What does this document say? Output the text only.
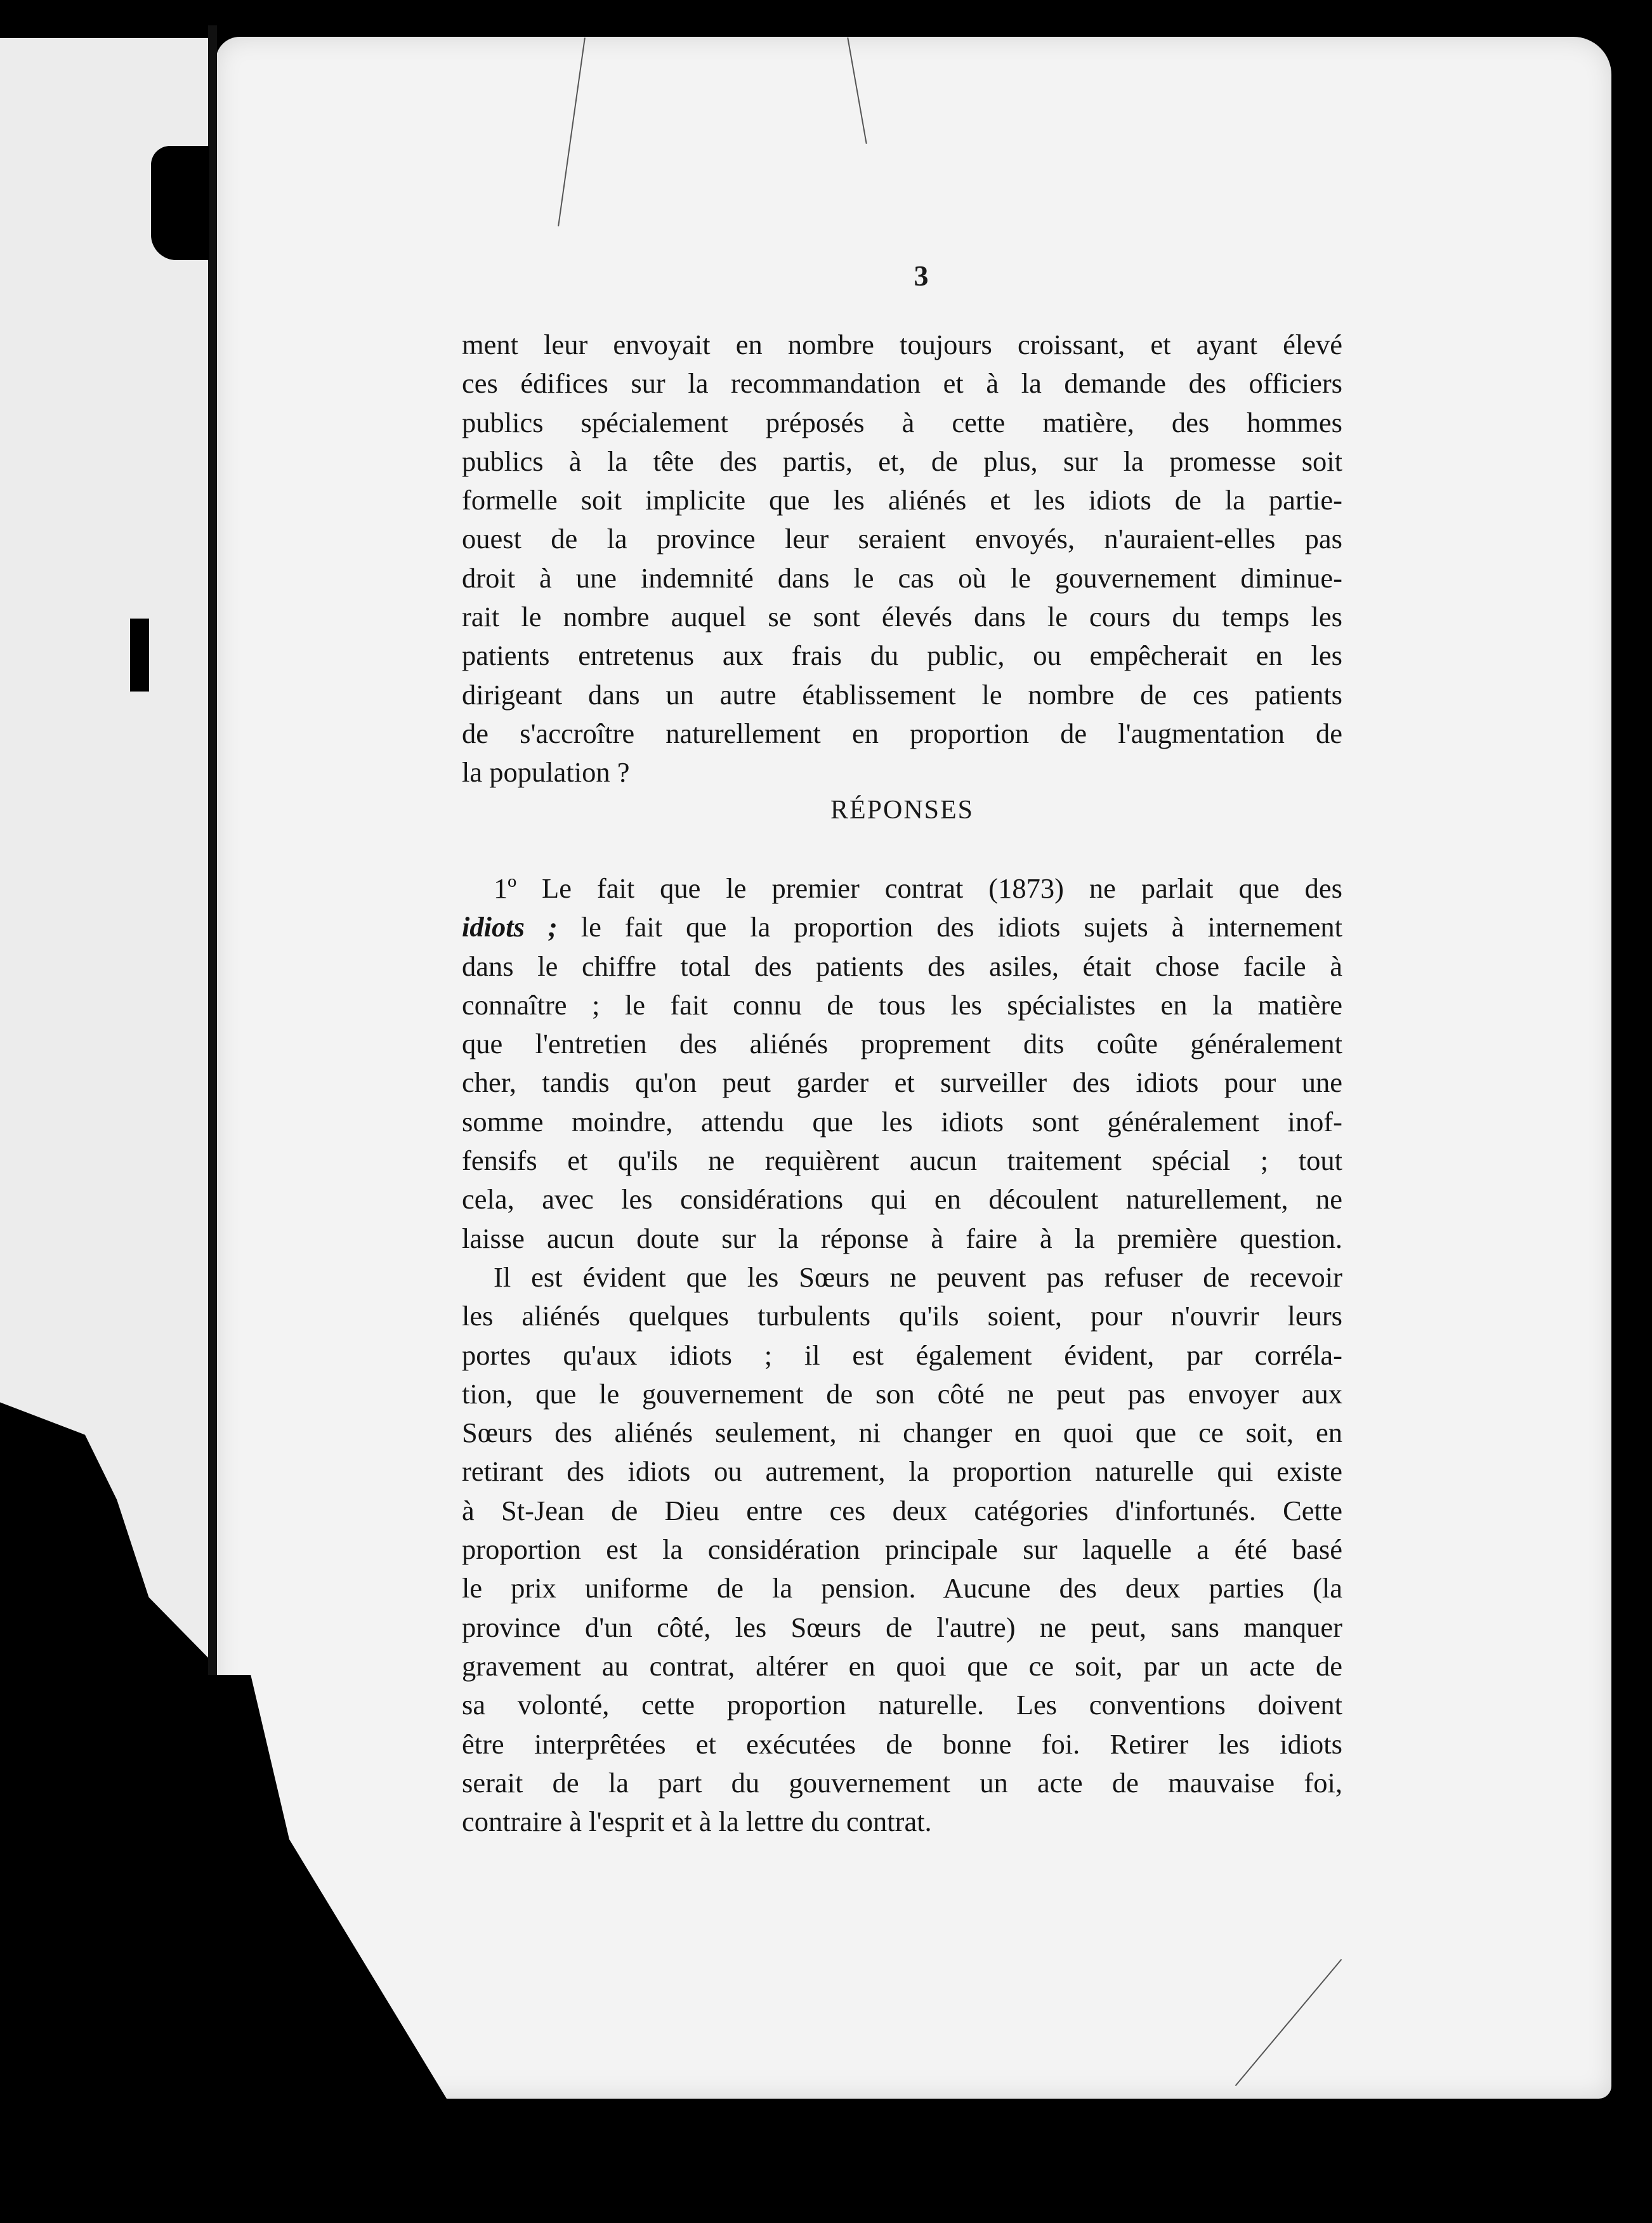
3
ment leur envoyait en nombre toujours croissant, et ayant élevé
ces édifices sur la recommandation et à la demande des officiers
publics spécialement préposés à cette matière, des hommes
publics à la tête des partis, et, de plus, sur la promesse soit
formelle soit implicite que les aliénés et les idiots de la partie-
ouest de la province leur seraient envoyés, n'auraient-elles pas
droit à une indemnité dans le cas où le gouvernement diminue-
rait le nombre auquel se sont élevés dans le cours du temps les
patients entretenus aux frais du public, ou empêcherait en les
dirigeant dans un autre établissement le nombre de ces patients
de s'accroître naturellement en proportion de l'augmentation de
la population ?
RÉPONSES
1º Le fait que le premier contrat (1873) ne parlait que des
idiots ; le fait que la proportion des idiots sujets à internement
dans le chiffre total des patients des asiles, était chose facile à
connaître ; le fait connu de tous les spécialistes en la matière
que l'entretien des aliénés proprement dits coûte généralement
cher, tandis qu'on peut garder et surveiller des idiots pour une
somme moindre, attendu que les idiots sont généralement inof-
fensifs et qu'ils ne requièrent aucun traitement spécial ; tout
cela, avec les considérations qui en découlent naturellement, ne
laisse aucun doute sur la réponse à faire à la première question.
Il est évident que les Sœurs ne peuvent pas refuser de recevoir
les aliénés quelques turbulents qu'ils soient, pour n'ouvrir leurs
portes qu'aux idiots ; il est également évident, par corréla-
tion, que le gouvernement de son côté ne peut pas envoyer aux
Sœurs des aliénés seulement, ni changer en quoi que ce soit, en
retirant des idiots ou autrement, la proportion naturelle qui existe
à St-Jean de Dieu entre ces deux catégories d'infortunés. Cette
proportion est la considération principale sur laquelle a été basé
le prix uniforme de la pension. Aucune des deux parties (la
province d'un côté, les Sœurs de l'autre) ne peut, sans manquer
gravement au contrat, altérer en quoi que ce soit, par un acte de
sa volonté, cette proportion naturelle. Les conventions doivent
être interprêtées et exécutées de bonne foi. Retirer les idiots
serait de la part du gouvernement un acte de mauvaise foi,
contraire à l'esprit et à la lettre du contrat.
